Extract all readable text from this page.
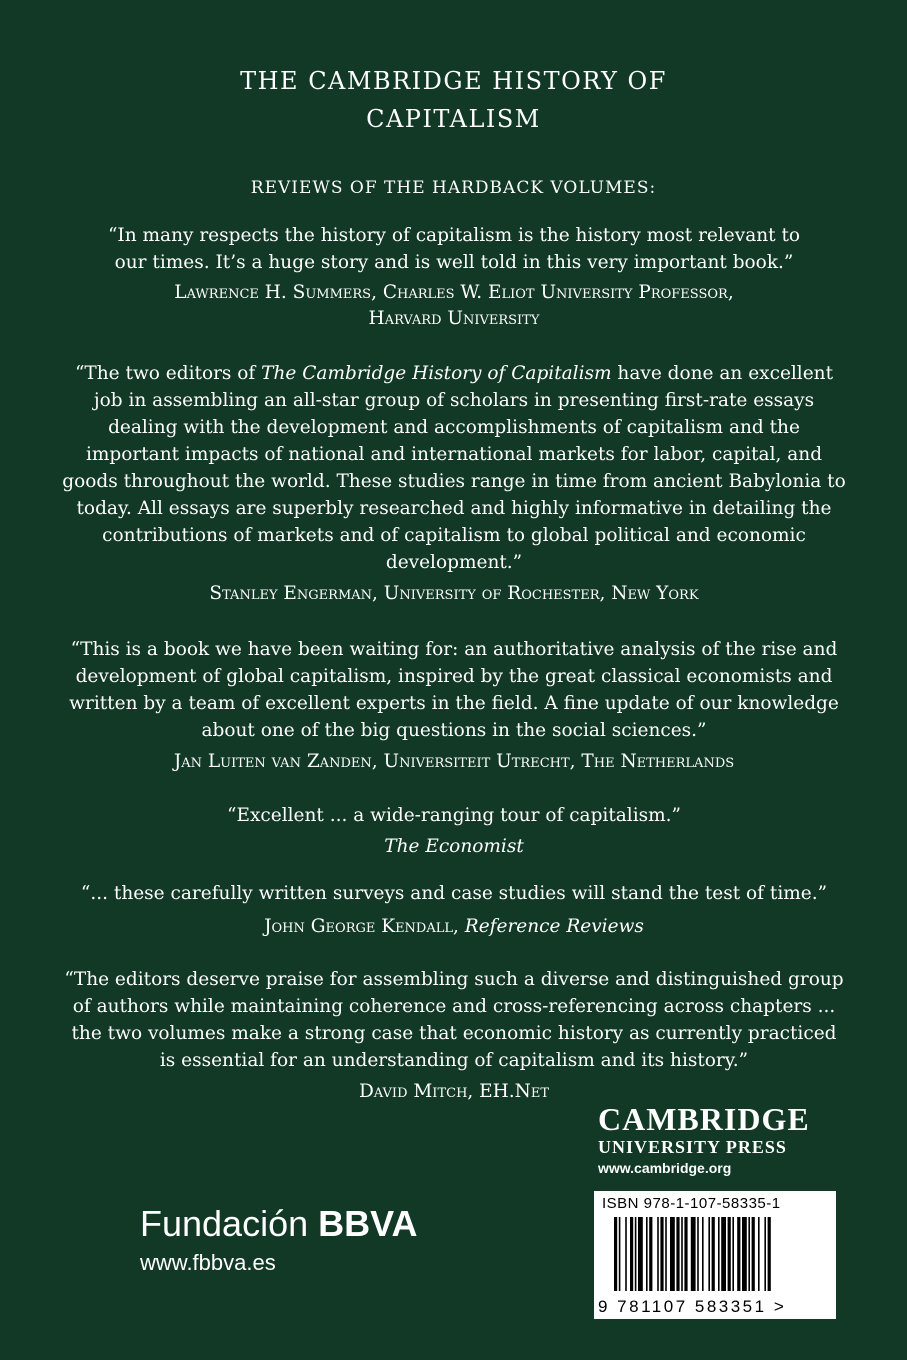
THE CAMBRIDGE HISTORY OF
CAPITALISM
REVIEWS OF THE HARDBACK VOLUMES:
“In many respects the history of capitalism is the history most relevant to our times. It’s a huge story and is well told in this very important book.”
Lawrence H. Summers, Charles W. Eliot University Professor,
Harvard University
“The two editors of The Cambridge History of Capitalism have done an excellent job in assembling an all-star group of scholars in presenting first-rate essays dealing with the development and accomplishments of capitalism and the important impacts of national and international markets for labor, capital, and goods throughout the world. These studies range in time from ancient Babylonia to today. All essays are superbly researched and highly informative in detailing the contributions of markets and of capitalism to global political and economic development.”
Stanley Engerman, University of Rochester, New York
“This is a book we have been waiting for: an authoritative analysis of the rise and development of global capitalism, inspired by the great classical economists and written by a team of excellent experts in the field. A fine update of our knowledge about one of the big questions in the social sciences.”
Jan Luiten van Zanden, Universiteit Utrecht, The Netherlands
“Excellent ... a wide-ranging tour of capitalism.”
The Economist
“... these carefully written surveys and case studies will stand the test of time.”
John George Kendall, Reference Reviews
“The editors deserve praise for assembling such a diverse and distinguished group of authors while maintaining coherence and cross-referencing across chapters ... the two volumes make a strong case that economic history as currently practiced is essential for an understanding of capitalism and its history.”
David Mitch, EH.Net
CAMBRIDGE
UNIVERSITY PRESS
www.cambridge.org
Fundación BBVA
www.fbbva.es
ISBN 978-1-107-58335-1
9 781107 583351 >
